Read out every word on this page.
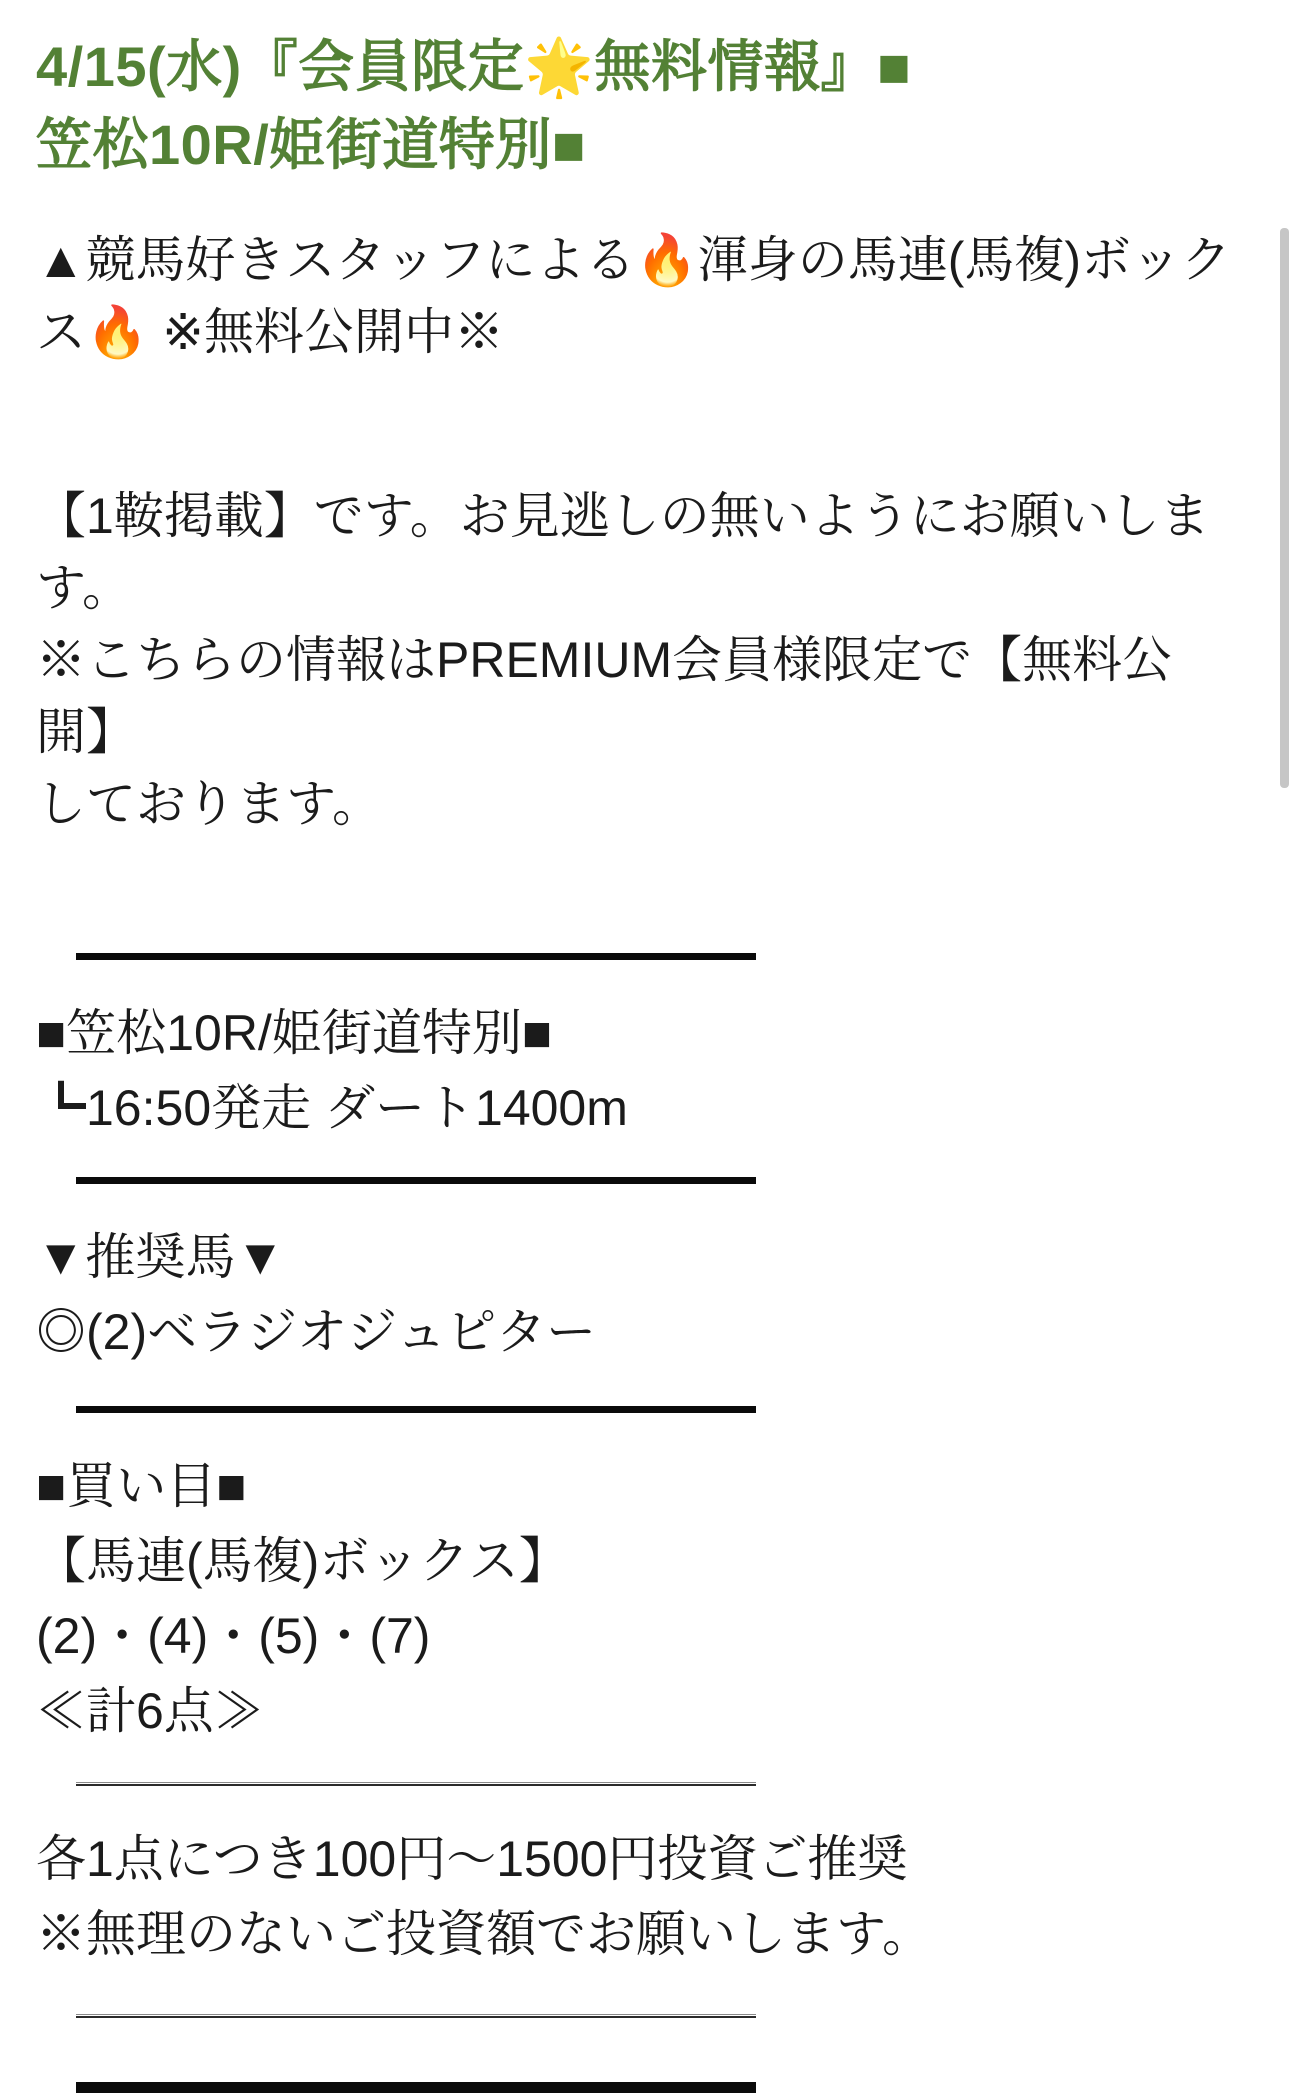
4/15(水)『会員限定🌟無料情報』■
笠松10R/姫街道特別■

▲競馬好きスタッフによる🔥渾身の馬連(馬複)ボック
ス🔥 ※無料公開中※

【1鞍掲載】です。お見逃しの無いようにお願いしま
す。
※こちらの情報はPREMIUM会員様限定で【無料公開】
しております。

■笠松10R/姫街道特別■
┗16:50発走 ダート1400m
▼推奨馬▼
◎(2)ベラジオジュピター
■買い目■
【馬連(馬複)ボックス】
(2)・(4)・(5)・(7)
≪計6点≫
各1点につき100円〜1500円投資ご推奨
※無理のないご投資額でお願いします。
